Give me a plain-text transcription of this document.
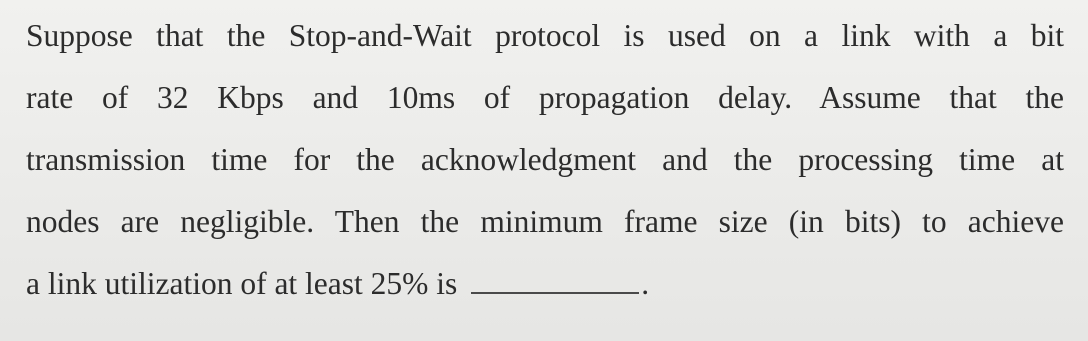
Suppose that the Stop-and-Wait protocol is used on a link with a bit
rate of 32 Kbps and 10ms of propagation delay. Assume that the
transmission time for the acknowledgment and the processing time at
nodes are negligible. Then the minimum frame size (in bits) to achieve
a link utilization of at least 25% is	.
